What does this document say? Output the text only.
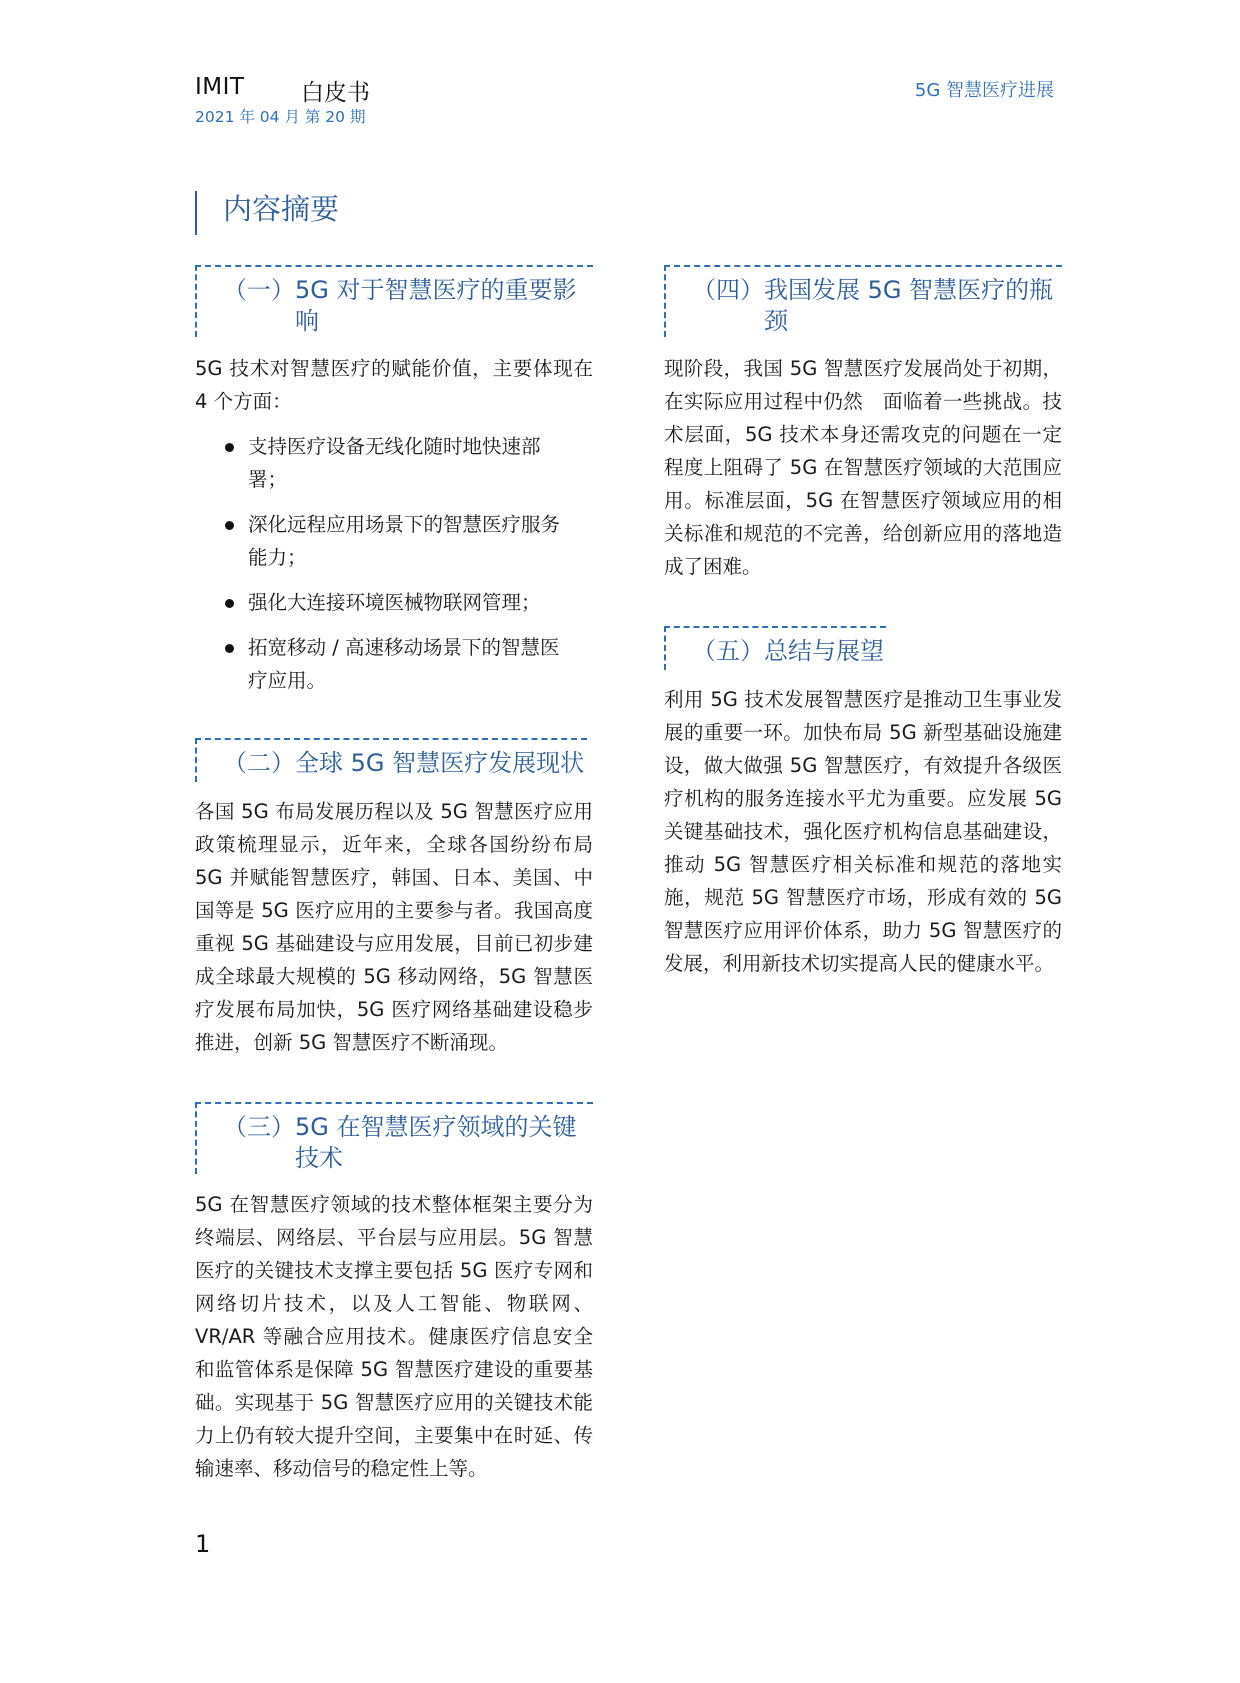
IMIT 白皮书
2021 年 04 月 第 20 期
5G 智慧医疗进展
内容摘要
（一） 5G 对于智慧医疗的重要影响
5G 技术对智慧医疗的赋能价值，主要体现在 4 个方面：
支持医疗设备无线化随时地快速部署；
深化远程应用场景下的智慧医疗服务能力；
强化大连接环境医械物联网管理；
拓宽移动 / 高速移动场景下的智慧医疗应用。
（二） 全球 5G 智慧医疗发展现状
各国 5G 布局发展历程以及 5G 智慧医疗应用政策梳理显示，近年来，全球各国纷纷布局 5G 并赋能智慧医疗，韩国、日本、美国、中国等是 5G 医疗应用的主要参与者。我国高度重视 5G 基础建设与应用发展，目前已初步建成全球最大规模的 5G 移动网络，5G 智慧医疗发展布局加快，5G 医疗网络基础建设稳步推进，创新 5G 智慧医疗不断涌现。
（三） 5G 在智慧医疗领域的关键技术
5G 在智慧医疗领域的技术整体框架主要分为终端层、网络层、平台层与应用层。5G 智慧医疗的关键技术支撑主要包括 5G 医疗专网和网络切片技术，以及人工智能、物联网、VR/AR 等融合应用技术。健康医疗信息安全和监管体系是保障 5G 智慧医疗建设的重要基础。实现基于 5G 智慧医疗应用的关键技术能力上仍有较大提升空间，主要集中在时延、传输速率、移动信号的稳定性上等。
（四） 我国发展 5G 智慧医疗的瓶颈
现阶段，我国 5G 智慧医疗发展尚处于初期，在实际应用过程中仍然　面临着一些挑战。技术层面，5G 技术本身还需攻克的问题在一定程度上阻碍了 5G 在智慧医疗领域的大范围应用。标准层面，5G 在智慧医疗领域应用的相关标准和规范的不完善，给创新应用的落地造成了困难。
（五） 总结与展望
利用 5G 技术发展智慧医疗是推动卫生事业发展的重要一环。加快布局 5G 新型基础设施建设，做大做强 5G 智慧医疗，有效提升各级医疗机构的服务连接水平尤为重要。应发展 5G 关键基础技术，强化医疗机构信息基础建设，推动 5G 智慧医疗相关标准和规范的落地实施，规范 5G 智慧医疗市场，形成有效的 5G 智慧医疗应用评价体系，助力 5G 智慧医疗的发展，利用新技术切实提高人民的健康水平。
1
